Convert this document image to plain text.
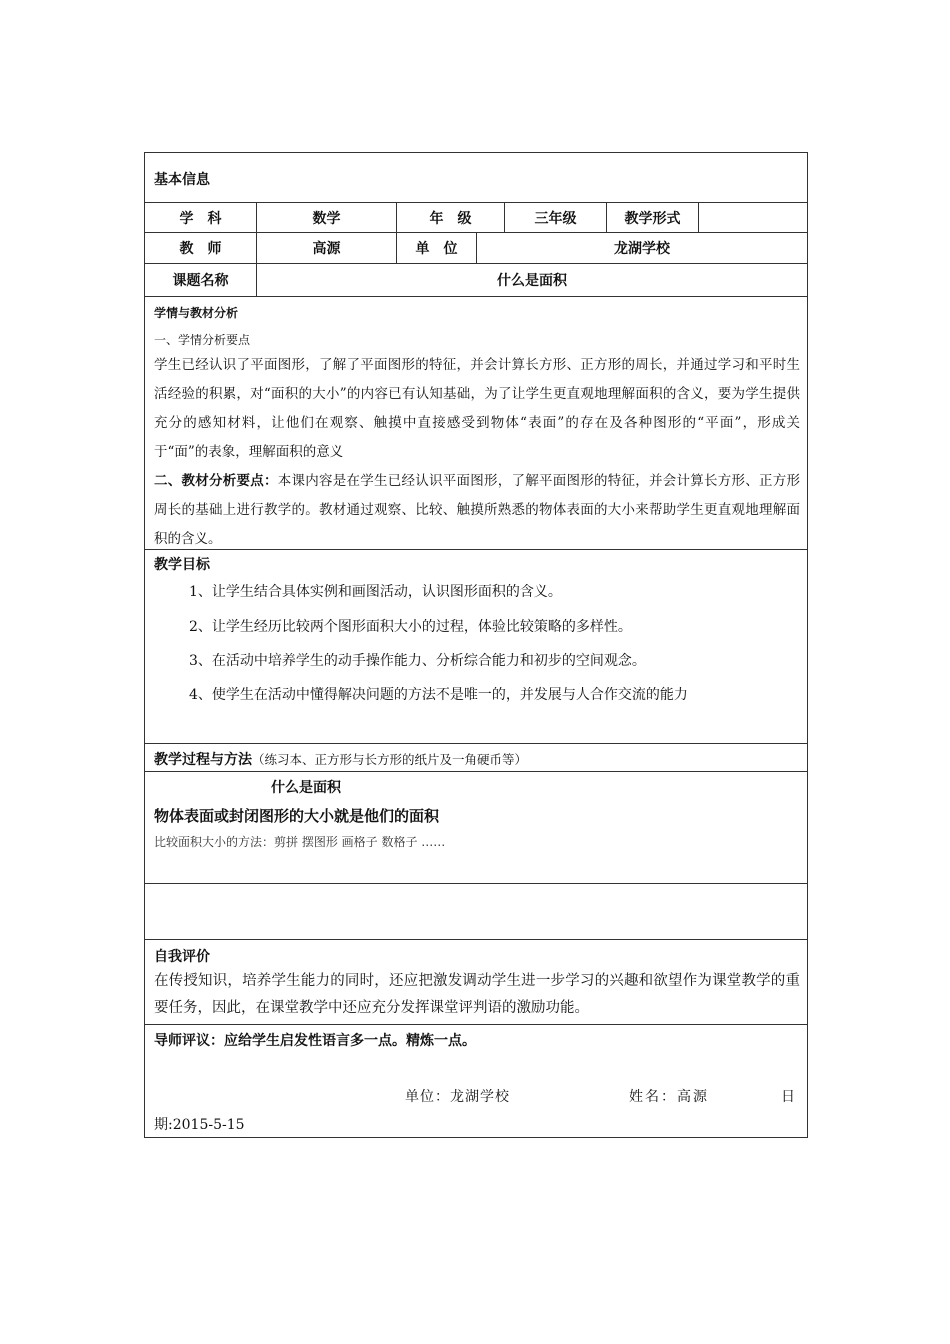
基本信息
学　科	数学	年　级	三年级	教学形式
教　师	高源	单　位	龙湖学校
课题名称	什么是面积
学情与教材分析
一、学情分析要点
学生已经认识了平面图形，了解了平面图形的特征，并会计算长方形、正方形的周长，并通过学习和平时生活经验的积累，对“面积的大小”的内容已有认知基础，为了让学生更直观地理解面积的含义，要为学生提供充分的感知材料，让他们在观察、触摸中直接感受到物体“表面”的存在及各种图形的“平面”，形成关于“面”的表象，理解面积的意义
二、教材分析要点：本课内容是在学生已经认识平面图形，了解平面图形的特征，并会计算长方形、正方形周长的基础上进行教学的。教材通过观察、比较、触摸所熟悉的物体表面的大小来帮助学生更直观地理解面积的含义。
教学目标
1、让学生结合具体实例和画图活动，认识图形面积的含义。
2、让学生经历比较两个图形面积大小的过程，体验比较策略的多样性。
3、在活动中培养学生的动手操作能力、分析综合能力和初步的空间观念。
4、使学生在活动中懂得解决问题的方法不是唯一的，并发展与人合作交流的能力
教学过程与方法（练习本、正方形与长方形的纸片及一角硬币等）
什么是面积
物体表面或封闭图形的大小就是他们的面积
比较面积大小的方法：剪拼 摆图形 画格子 数格子 ……
自我评价
在传授知识，培养学生能力的同时，还应把激发调动学生进一步学习的兴趣和欲望作为课堂教学的重要任务，因此，在课堂教学中还应充分发挥课堂评判语的激励功能。
导师评议：应给学生启发性语言多一点。精炼一点。
单位：龙湖学校	姓名：高源	日
期:2015-5-15
